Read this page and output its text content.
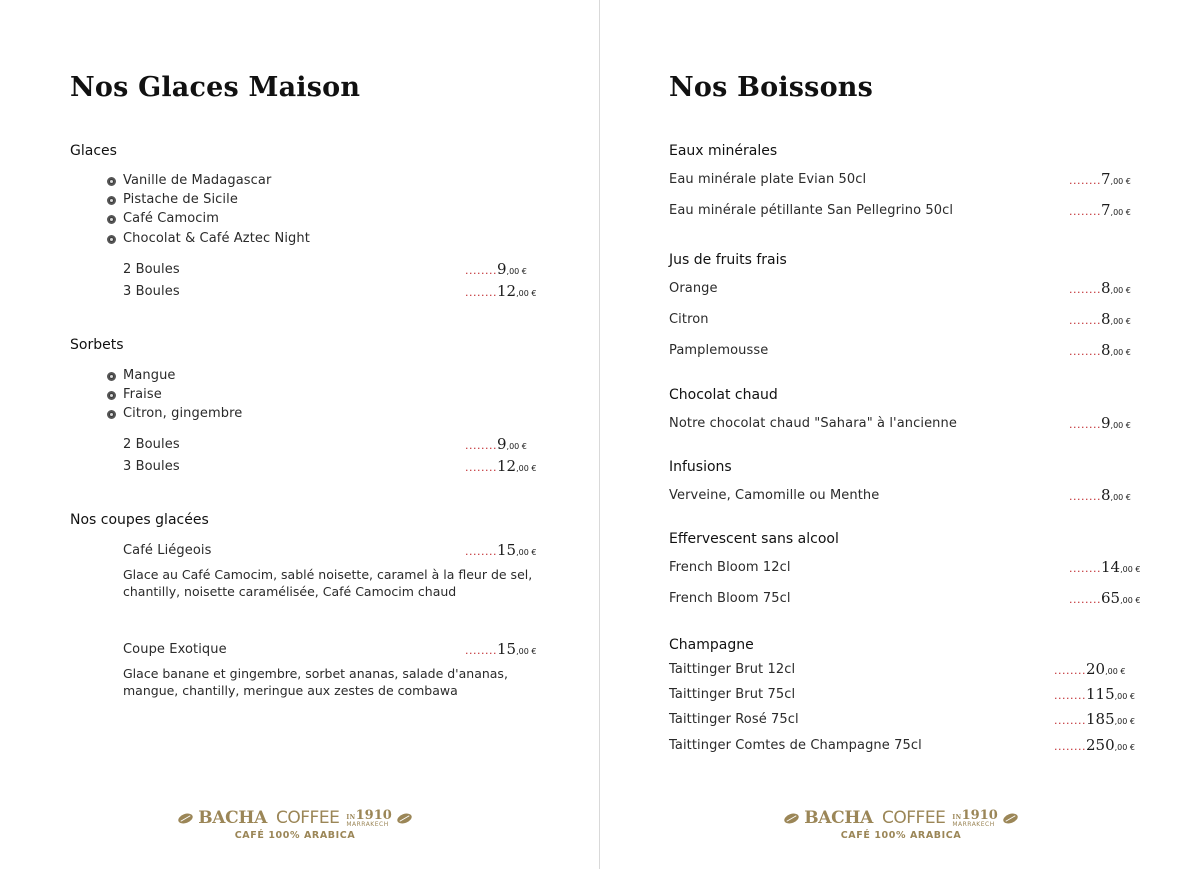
Nos Glaces Maison
Glaces
Vanille de Madagascar
Pistache de Sicile
Café Camocim
Chocolat & Café Aztec Night
2 Boules	........9,00 €
3 Boules	........12,00 €
Sorbets
Mangue
Fraise
Citron, gingembre
2 Boules	........9,00 €
3 Boules	........12,00 €
Nos coupes glacées
Café Liégeois	........15,00 €
Glace au Café Camocim, sablé noisette, caramel à la fleur de sel,
chantilly, noisette caramélisée, Café Camocim chaud
Coupe Exotique	........15,00 €
Glace banane et gingembre, sorbet ananas, salade d'ananas,
mangue, chantilly, meringue aux zestes de combawa
BACHA COFFEE IN1910
MARRAKECH
CAFÉ 100% ARABICA
Nos Boissons
Eaux minérales
Eau minérale plate Evian 50cl	........7,00 €
Eau minérale pétillante San Pellegrino 50cl	........7,00 €
Jus de fruits frais
Orange	........8,00 €
Citron	........8,00 €
Pamplemousse	........8,00 €
Chocolat chaud
Notre chocolat chaud "Sahara" à l'ancienne	........9,00 €
Infusions
Verveine, Camomille ou Menthe	........8,00 €
Effervescent sans alcool
French Bloom 12cl	........14,00 €
French Bloom 75cl	........65,00 €
Champagne
Taittinger Brut 12cl	........20,00 €
Taittinger Brut 75cl	........115,00 €
Taittinger Rosé 75cl	........185,00 €
Taittinger Comtes de Champagne 75cl	........250,00 €
BACHA COFFEE IN1910
MARRAKECH
CAFÉ 100% ARABICA
